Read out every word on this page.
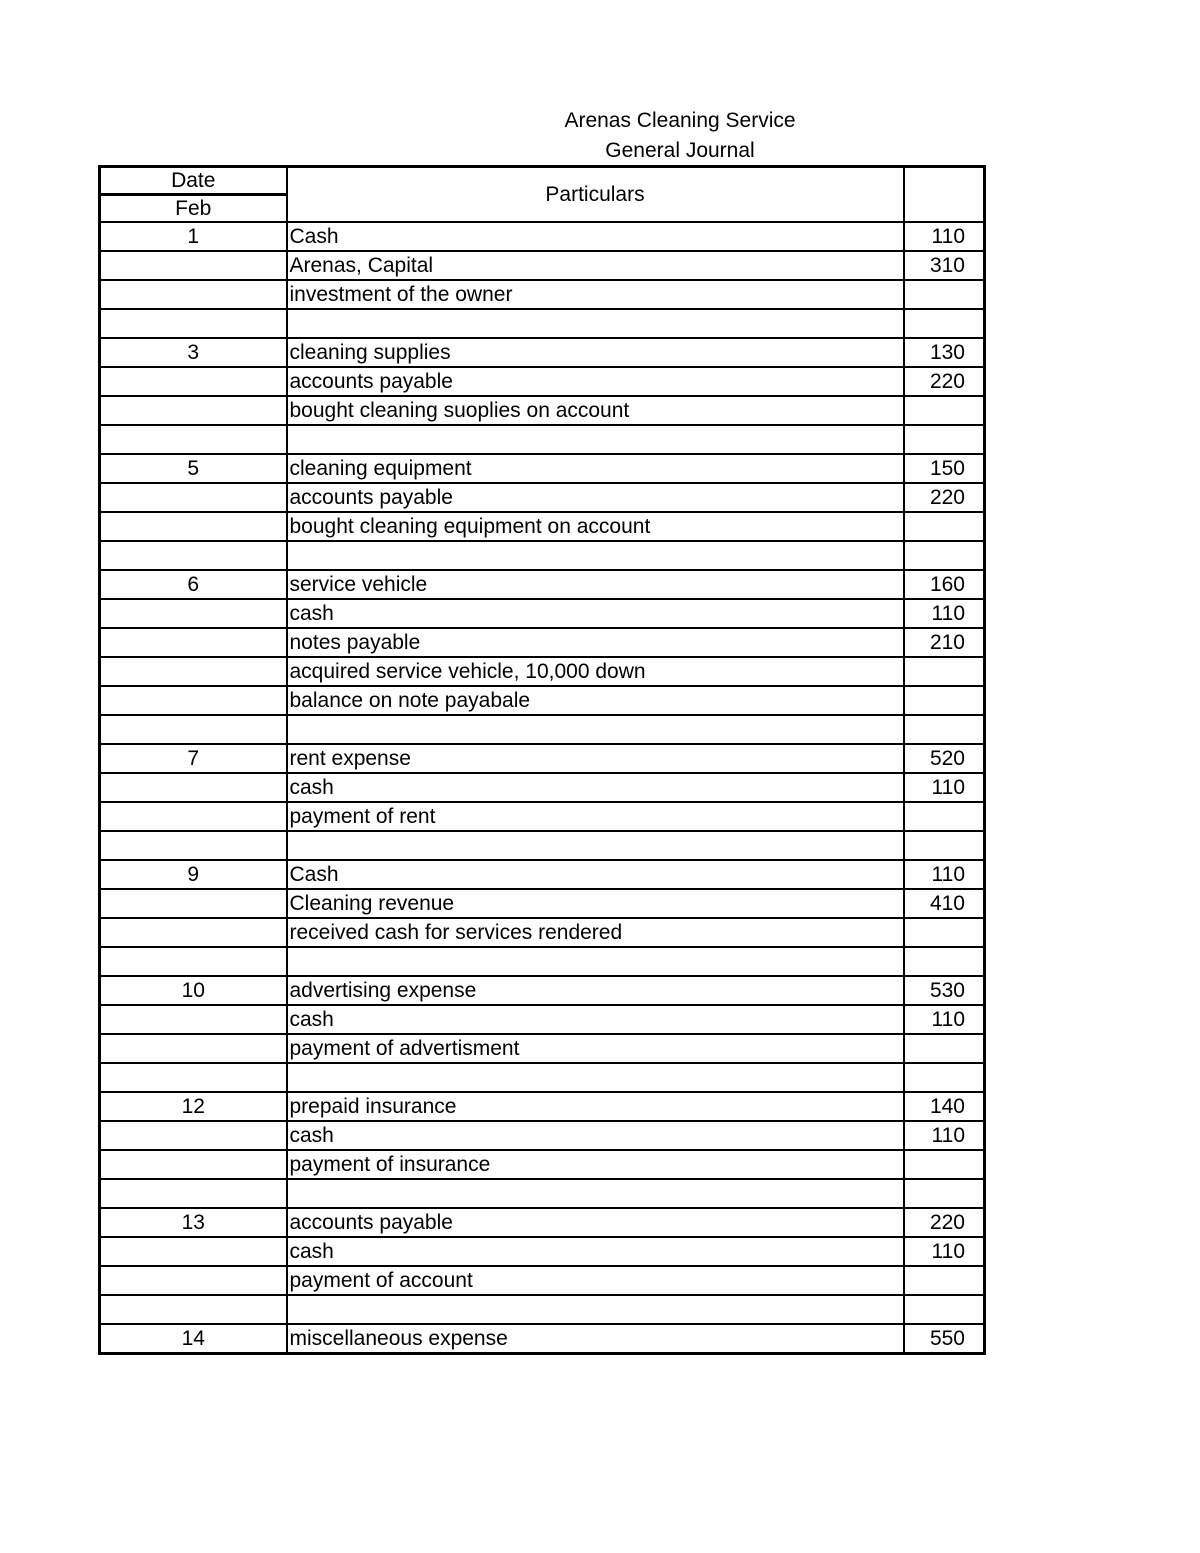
Arenas Cleaning Service
General Journal
Date	Particulars	
Feb		
1	Cash	110
	Arenas, Capital	310
	investment of the owner	

3	cleaning supplies	130
	accounts payable	220
	bought cleaning suoplies on account	

5	cleaning equipment	150
	accounts payable	220
	bought cleaning equipment on account	

6	service vehicle	160
	cash	110
	notes payable	210
	acquired service vehicle, 10,000 down	
	balance on note payabale	

7	rent expense	520
	cash	110
	payment of rent	

9	Cash	110
	Cleaning revenue	410
	received cash for services rendered	

10	advertising expense	530
	cash	110
	payment of advertisment	

12	prepaid insurance	140
	cash	110
	payment of insurance	

13	accounts payable	220
	cash	110
	payment of account	

14	miscellaneous expense	550
